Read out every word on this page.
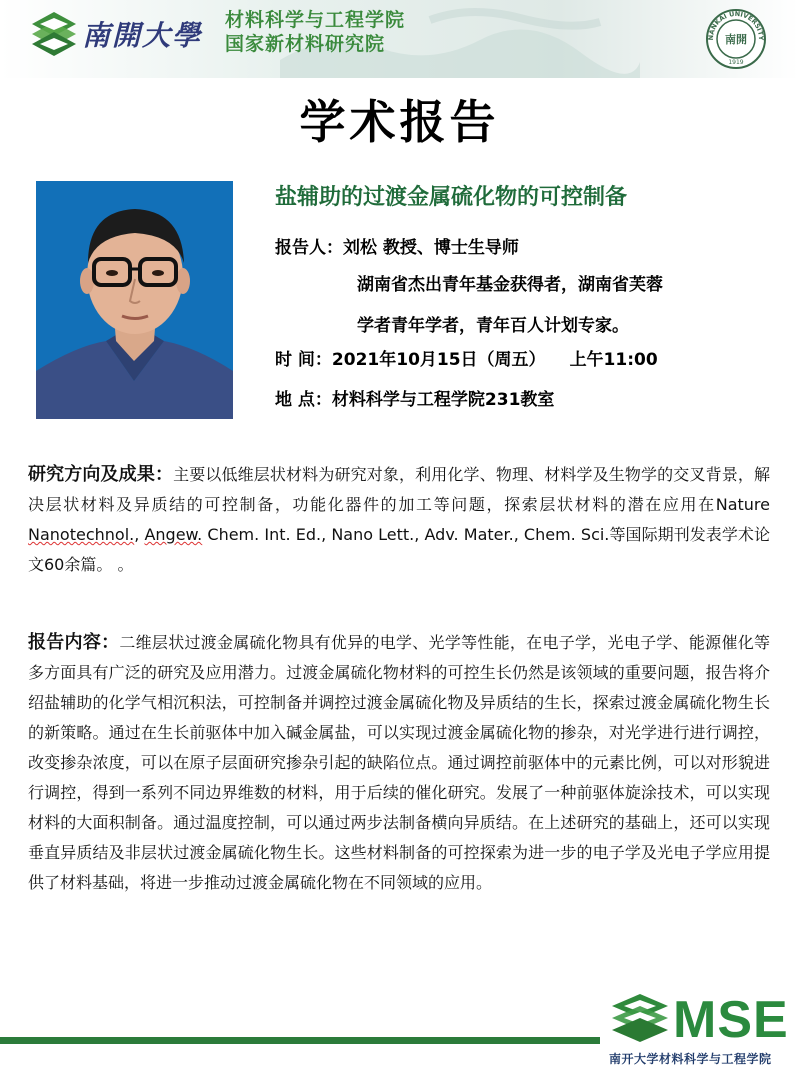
南開大學 材料科学与工程学院
国家新材料研究院	NANKAI UNIVERSITY
南開
1919
学术报告
盐辅助的过渡金属硫化物的可控制备
报告人：刘松 教授、博士生导师
湖南省杰出青年基金获得者，湖南省芙蓉
学者青年学者，青年百人计划专家。
时 间：2021年10月15日（周五） 上午11:00
地 点：材料科学与工程学院231教室
研究方向及成果：主要以低维层状材料为研究对象，利用化学、物理、材料学及生物学的交叉背景，解决层状材料及异质结的可控制备，功能化器件的加工等问题，探索层状材料的潜在应用在Nature Nanotechnol., Angew. Chem. Int. Ed., Nano Lett., Adv. Mater., Chem. Sci.等国际期刊发表学术论文60余篇。 。
报告内容：二维层状过渡金属硫化物具有优异的电学、光学等性能，在电子学，光电子学、能源催化等多方面具有广泛的研究及应用潜力。过渡金属硫化物材料的可控生长仍然是该领域的重要问题，报告将介绍盐辅助的化学气相沉积法，可控制备并调控过渡金属硫化物及异质结的生长，探索过渡金属硫化物生长的新策略。通过在生长前驱体中加入碱金属盐，可以实现过渡金属硫化物的掺杂，对光学进行进行调控，改变掺杂浓度，可以在原子层面研究掺杂引起的缺陷位点。通过调控前驱体中的元素比例，可以对形貌进行调控，得到一系列不同边界维数的材料，用于后续的催化研究。发展了一种前驱体旋涂技术，可以实现材料的大面积制备。通过温度控制，可以通过两步法制备横向异质结。在上述研究的基础上，还可以实现垂直异质结及非层状过渡金属硫化物生长。这些材料制备的可控探索为进一步的电子学及光电子学应用提供了材料基础，将进一步推动过渡金属硫化物在不同领域的应用。
MSE
南开大学材料科学与工程学院
